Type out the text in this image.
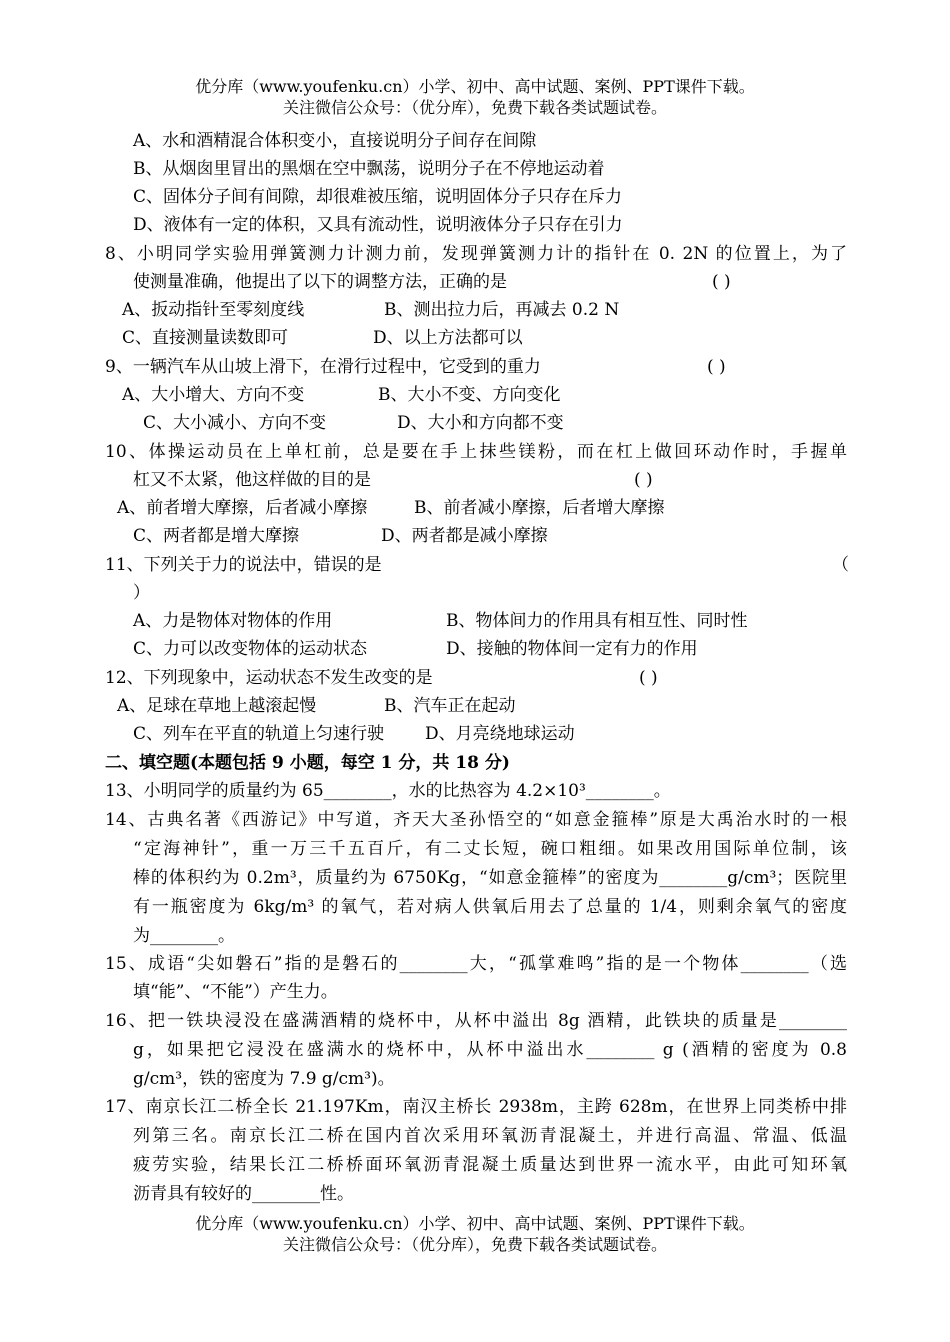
优分库（www.youfenku.cn）小学、初中、高中试题、案例、PPT课件下载。
关注微信公众号：（优分库），免费下载各类试题试卷。
A、水和酒精混合体积变小，直接说明分子间存在间隙
B、从烟囱里冒出的黑烟在空中飘荡，说明分子在不停地运动着
C、固体分子间有间隙，却很难被压缩，说明固体分子只存在斥力
D、液体有一定的体积，又具有流动性，说明液体分子只存在引力
8、小明同学实验用弹簧测力计测力前，发现弹簧测力计的指针在 0. 2N 的位置上，为了
使测量准确，他提出了以下的调整方法，正确的是	( )
A、扳动指针至零刻度线	B、测出拉力后，再减去 0.2 N
C、直接测量读数即可	D、以上方法都可以
9、一辆汽车从山坡上滑下，在滑行过程中，它受到的重力	( )
A、大小增大、方向不变	B、大小不变、方向变化
C、大小减小、方向不变	D、大小和方向都不变
10、体操运动员在上单杠前，总是要在手上抹些镁粉，而在杠上做回环动作时，手握单
杠又不太紧，他这样做的目的是	( )
A、前者增大摩擦，后者减小摩擦	B、前者减小摩擦，后者增大摩擦
C、两者都是增大摩擦	D、两者都是减小摩擦
11、下列关于力的说法中，错误的是	（
）
A、力是物体对物体的作用	B、物体间力的作用具有相互性、同时性
C、力可以改变物体的运动状态	D、接触的物体间一定有力的作用
12、下列现象中，运动状态不发生改变的是	( )
A、足球在草地上越滚起慢	B、汽车正在起动
C、列车在平直的轨道上匀速行驶 D、月亮绕地球运动
二、填空题(本题包括 9 小题，每空 1 分，共 18 分)
13、小明同学的质量约为 65________，水的比热容为 4.2×10³________。
14、古典名著《西游记》中写道，齐天大圣孙悟空的“如意金箍棒”原是大禹治水时的一根
“定海神针”，重一万三千五百斤，有二丈长短，碗口粗细。如果改用国际单位制，该
棒的体积约为 0.2m³，质量约为 6750Kg，“如意金箍棒”的密度为________g/cm³；医院里
有一瓶密度为 6kg/m³ 的氧气，若对病人供氧后用去了总量的 1/4，则剩余氧气的密度
为________。
15、成语“尖如磐石”指的是磐石的________大，“孤掌难鸣”指的是一个物体________（选
填“能”、“不能”）产生力。
16、把一铁块浸没在盛满酒精的烧杯中，从杯中溢出 8g 酒精，此铁块的质量是________
g，如果把它浸没在盛满水的烧杯中，从杯中溢出水________ g (酒精的密度为 0.8
g/cm³，铁的密度为 7.9 g/cm³)。
17、南京长江二桥全长 21.197Km，南汉主桥长 2938m，主跨 628m，在世界上同类桥中排
列第三名。南京长江二桥在国内首次采用环氧沥青混凝土，并进行高温、常温、低温
疲劳实验，结果长江二桥桥面环氧沥青混凝土质量达到世界一流水平，由此可知环氧
沥青具有较好的________性。
优分库（www.youfenku.cn）小学、初中、高中试题、案例、PPT课件下载。
关注微信公众号：（优分库），免费下载各类试题试卷。
